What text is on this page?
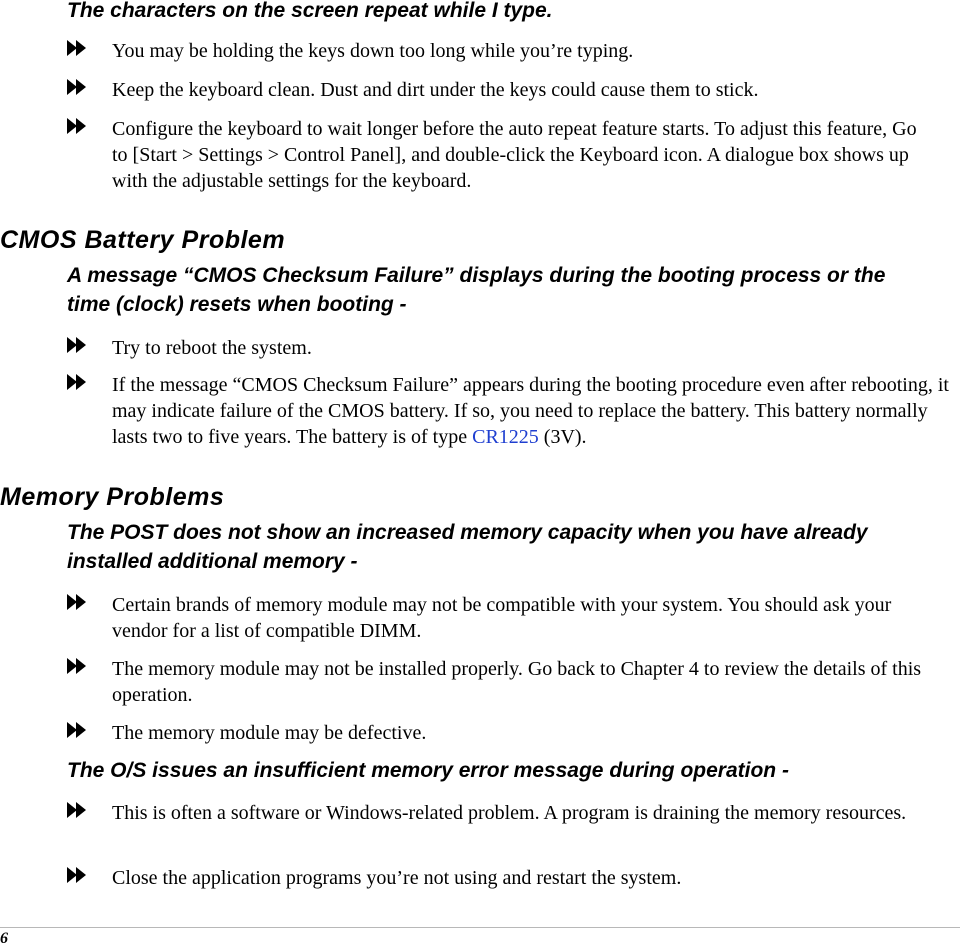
The characters on the screen repeat while I type.
You may be holding the keys down too long while you’re typing.
Keep the keyboard clean. Dust and dirt under the keys could cause them to stick.
Configure the keyboard to wait longer before the auto repeat feature starts. To adjust this feature, Go to [Start > Settings > Control Panel], and double-click the Keyboard icon. A dialogue box shows up with the adjustable settings for the keyboard.
CMOS Battery Problem
A message “CMOS Checksum Failure” displays during the booting process or the time (clock) resets when booting -
Try to reboot the system.
If the message “CMOS Checksum Failure” appears during the booting procedure even after rebooting, it may indicate failure of the CMOS battery. If so, you need to replace the battery. This battery normally lasts two to five years. The battery is of type CR1225 (3V).
Memory Problems
The POST does not show an increased memory capacity when you have already installed additional memory -
Certain brands of memory module may not be compatible with your system. You should ask your vendor for a list of compatible DIMM.
The memory module may not be installed properly. Go back to Chapter 4 to review the details of this operation.
The memory module may be defective.
The O/S issues an insufficient memory error message during operation -
This is often a software or Windows-related problem. A program is draining the memory resources.
Close the application programs you’re not using and restart the system.
6
